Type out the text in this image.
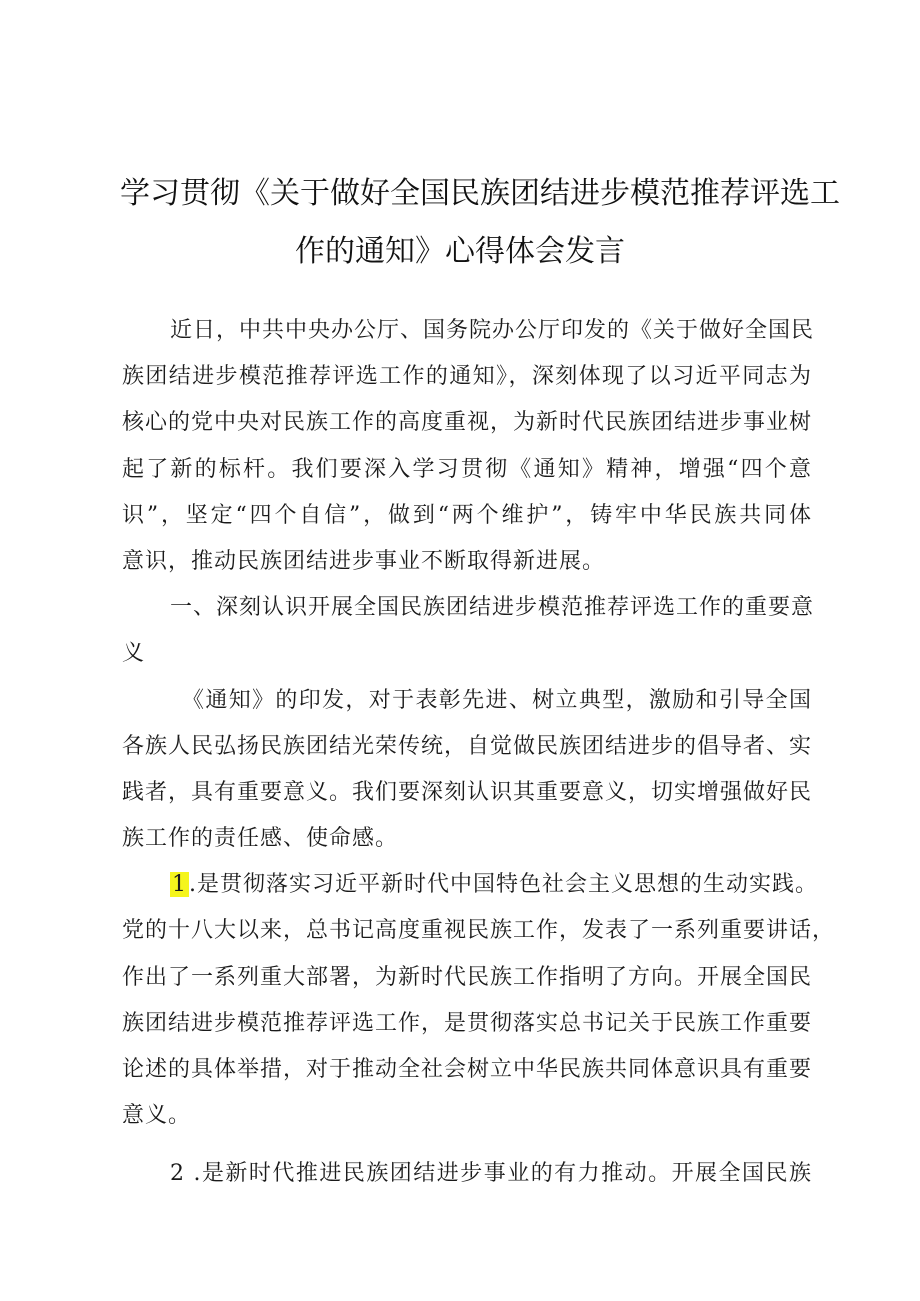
学习贯彻《关于做好全国民族团结进步模范推荐评选工
作的通知》心得体会发言
近日，中共中央办公厅、国务院办公厅印发的《关于做好全国民
族团结进步模范推荐评选工作的通知》，深刻体现了以习近平同志为
核心的党中央对民族工作的高度重视，为新时代民族团结进步事业树
起了新的标杆。我们要深入学习贯彻《通知》精神，增强“四个意
识”，坚定“四个自信”，做到“两个维护”，铸牢中华民族共同体
意识，推动民族团结进步事业不断取得新进展。
一、深刻认识开展全国民族团结进步模范推荐评选工作的重要意
义
《通知》的印发，对于表彰先进、树立典型，激励和引导全国
各族人民弘扬民族团结光荣传统，自觉做民族团结进步的倡导者、实
践者，具有重要意义。我们要深刻认识其重要意义，切实增强做好民
族工作的责任感、使命感。
1.是贯彻落实习近平新时代中国特色社会主义思想的生动实践。
党的十八大以来，总书记高度重视民族工作，发表了一系列重要讲话，
作出了一系列重大部署，为新时代民族工作指明了方向。开展全国民
族团结进步模范推荐评选工作，是贯彻落实总书记关于民族工作重要
论述的具体举措，对于推动全社会树立中华民族共同体意识具有重要
意义。
2 .是新时代推进民族团结进步事业的有力推动。开展全国民族
